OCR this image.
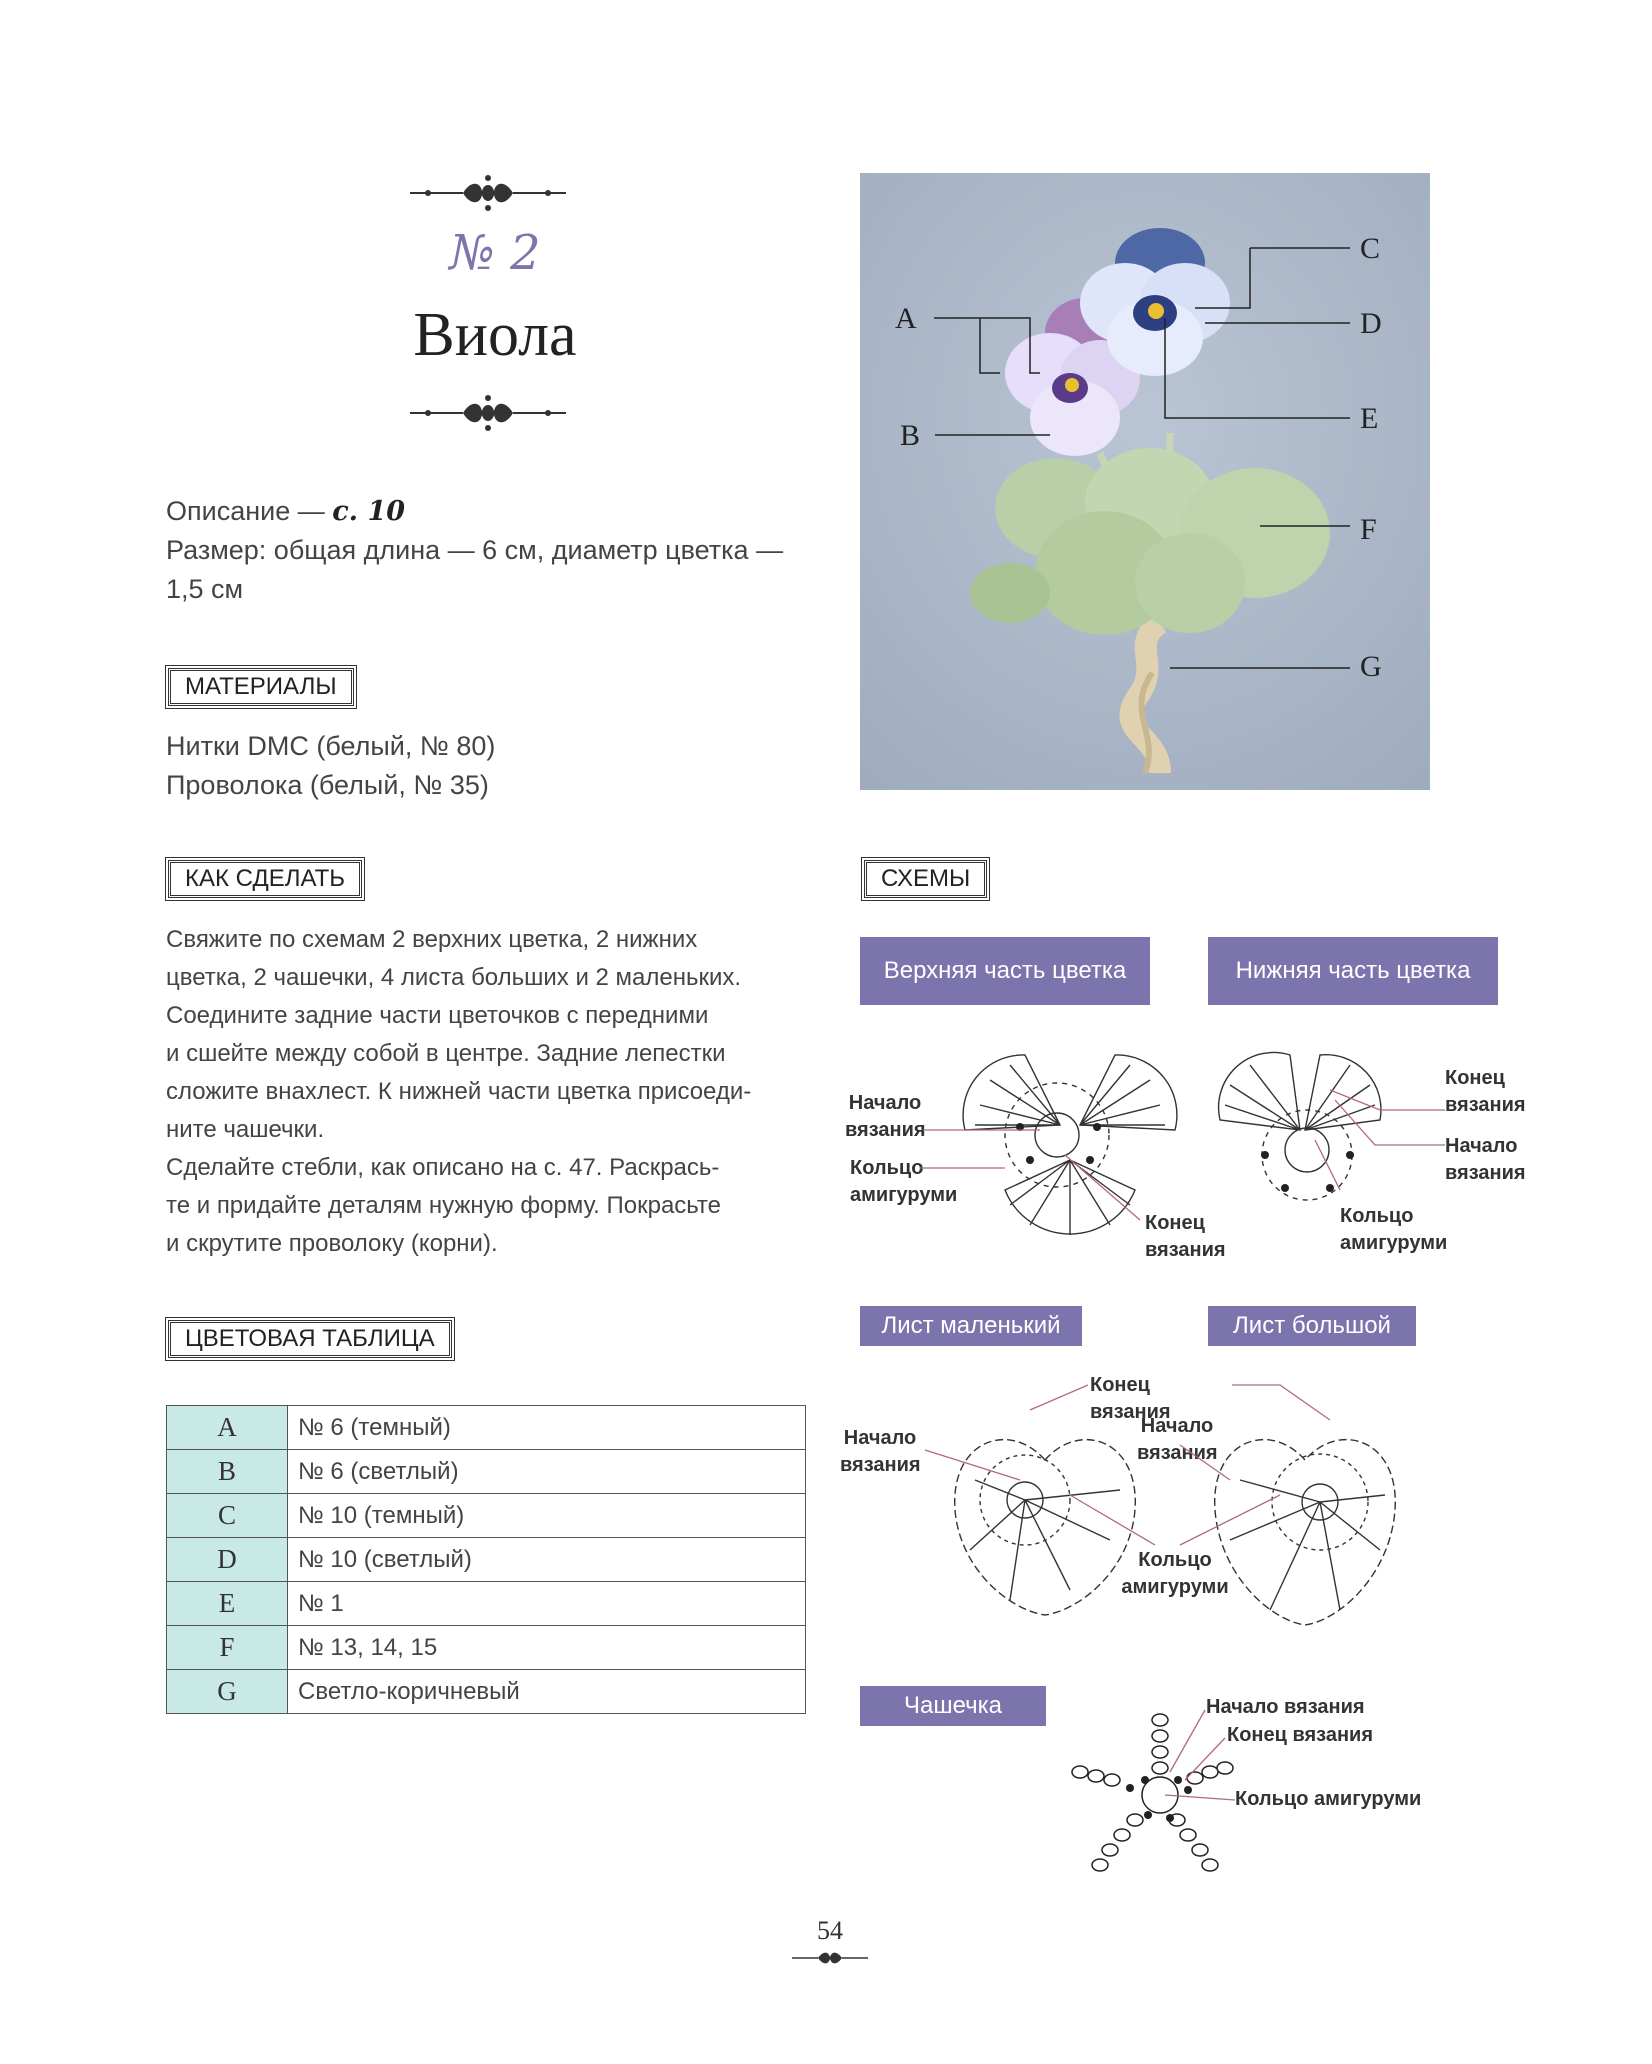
№ 2
Виола
Описание — с. 10
Размер: общая длина — 6 см, диаметр цветка —
1,5 см
МАТЕРИАЛЫ
Нитки DMC (белый, № 80)
Проволока (белый, № 35)
КАК СДЕЛАТЬ
Свяжите по схемам 2 верхних цветка, 2 нижних
цветка, 2 чашечки, 4 листа больших и 2 маленьких.
Соедините задние части цветочков с передними
и сшейте между собой в центре. Задние лепестки
сложите внахлест. К нижней части цветка присоеди-
ните чашечки.
Сделайте стебли, как описано на с. 47. Раскрась-
те и придайте деталям нужную форму. Покрасьте
и скрутите проволоку (корни).
ЦВЕТОВАЯ ТАБЛИЦА
A	№ 6 (темный)
B	№ 6 (светлый)
C	№ 10 (темный)
D	№ 10 (светлый)
E	№ 1
F	№ 13, 14, 15
G	Светло-коричневый
A
B
C
D
E
F
G
СХЕМЫ
Верхняя часть цветка	Нижняя часть цветка
Начало вязания
Кольцо амигуруми
Конец вязания
Конец вязания
Начало вязания
Кольцо амигуруми
Лист маленький	Лист большой
Конец вязания
Начало вязания
Начало вязания
Кольцо амигуруми
Чашечка	Начало вязания
Конец вязания
Кольцо амигуруми
54
